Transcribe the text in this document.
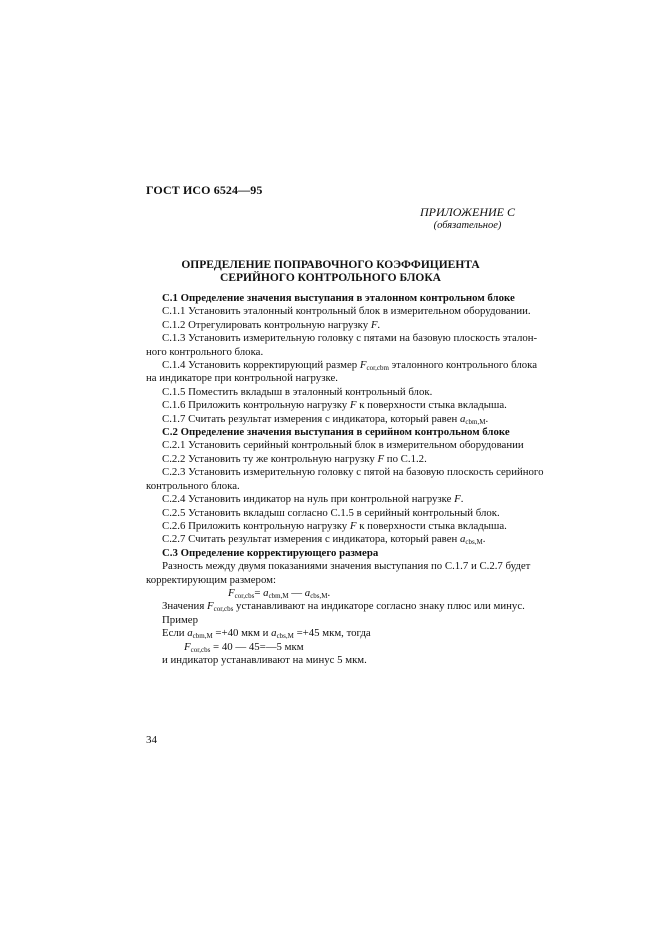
ГОСТ ИСО 6524—95
ПРИЛОЖЕНИЕ С
(обязательное)
ОПРЕДЕЛЕНИЕ ПОПРАВОЧНОГО КОЭФФИЦИЕНТА
СЕРИЙНОГО КОНТРОЛЬНОГО БЛОКА

С.1 Определение значения выступания в эталонном контрольном блоке

С.1.1 Установить эталонный контрольный блок в измерительном оборудовании.

С.1.2 Отрегулировать контрольную нагрузку F.

С.1.3 Установить измерительную головку с пятами на базовую плоскость эталон-

ного контрольного блока.

С.1.4 Установить корректирующий размер $F_{cor,cbm}$ эталонного контрольного блока

на индикаторе при контрольной нагрузке.

С.1.5 Поместить вкладыш в эталонный контрольный блок.

С.1.6 Приложить контрольную нагрузку F к поверхности стыка вкладыша.

С.1.7 Считать результат измерения с индикатора, который равен $a_{cbm,M}$.

С.2 Определение значения выступания в серийном контрольном блоке

С.2.1 Установить серийный контрольный блок в измерительном оборудовании

С.2.2 Установить ту же контрольную нагрузку F по С.1.2.

С.2.3 Установить измерительную головку с пятой на базовую плоскость серийного

контрольного блока.

С.2.4 Установить индикатор на нуль при контрольной нагрузке F.

С.2.5 Установить вкладыш согласно С.1.5 в серийный контрольный блок.

С.2.6 Приложить контрольную нагрузку F к поверхности стыка вкладыша.

С.2.7 Считать результат измерения с индикатора, который равен $a_{cbs,M}$.

С.3 Определение корректирующего размера

Разность между двумя показаниями значения выступания по С.1.7 и С.2.7 будет

корректирующим размером:

$F_{cor,cbs}= a_{cbm,M}$ — $a_{cbs,M}$.

Значения $F_{cor,cbs}$ устанавливают на индикаторе согласно знаку плюс или минус.

Пример

Если $a_{cbm,M} =+40$ мкм и $a_{cbs,M} =+45$ мкм, тогда

$F_{cor,cbs} = 40$ — 45=—5 мкм

и индикатор устанавливают на минус 5 мкм.

34
